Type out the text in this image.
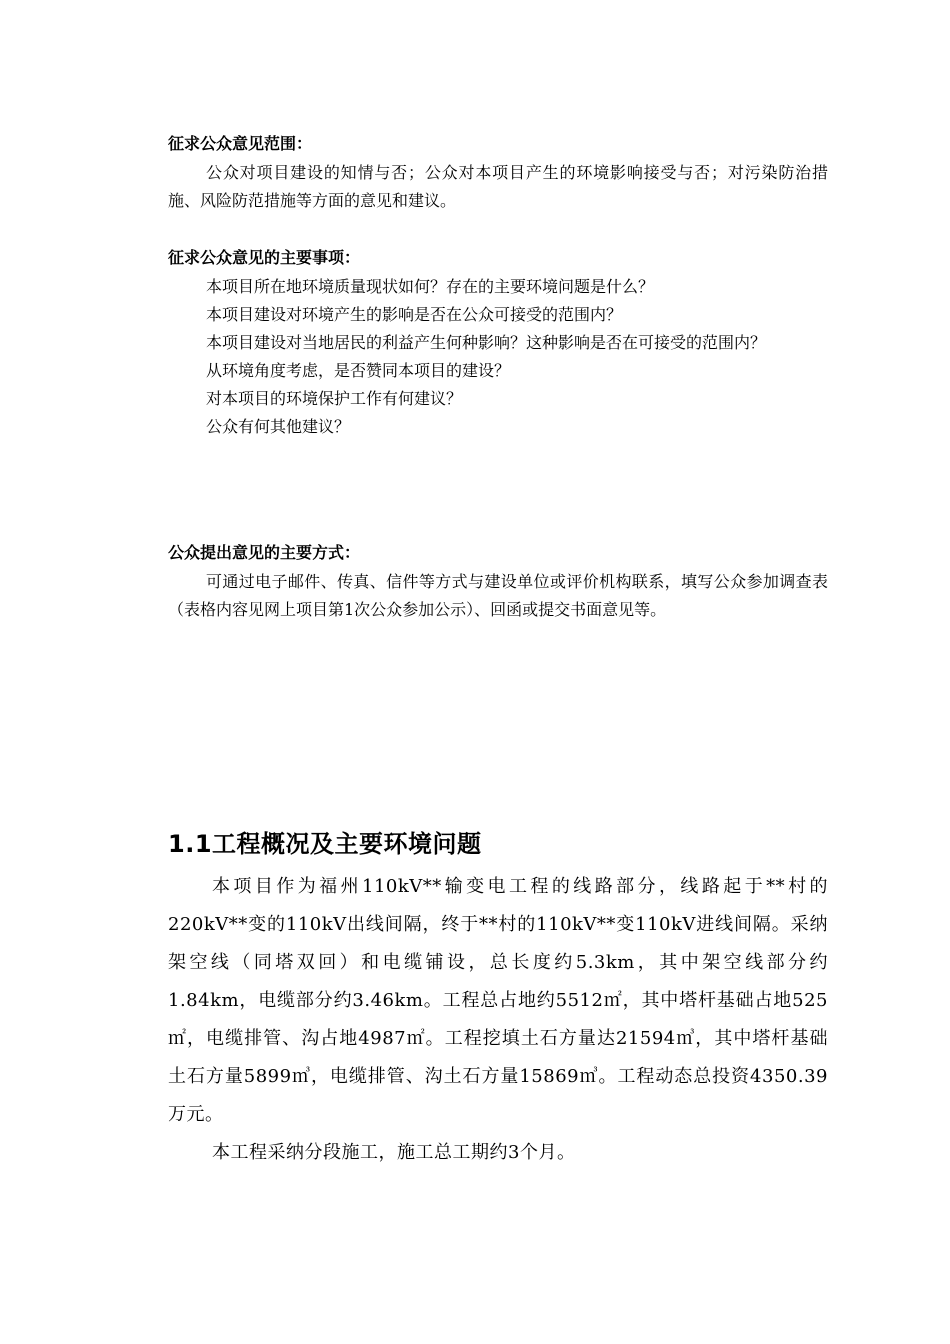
征求公众意见范围：

公众对项目建设的知情与否；公众对本项目产生的环境影响接受与否；对污染防治措施、风险防范措施等方面的意见和建议。

征求公众意见的主要事项：

本项目所在地环境质量现状如何？存在的主要环境问题是什么？

本项目建设对环境产生的影响是否在公众可接受的范围内？

本项目建设对当地居民的利益产生何种影响？这种影响是否在可接受的范围内？

从环境角度考虑，是否赞同本项目的建设？

对本项目的环境保护工作有何建议？

公众有何其他建议？

公众提出意见的主要方式：

可通过电子邮件、传真、信件等方式与建设单位或评价机构联系，填写公众参加调查表（表格内容见网上项目第1次公众参加公示）、回函或提交书面意见等。

1.1工程概况及主要环境问题

本项目作为福州110kV**输变电工程的线路部分，线路起于**村的220kV**变的110kV出线间隔，终于**村的110kV**变110kV进线间隔。采纳架空线（同塔双回）和电缆铺设，总长度约5.3km，其中架空线部分约1.84km，电缆部分约3.46km。工程总占地约5512㎡，其中塔杆基础占地525㎡，电缆排管、沟占地4987㎡。工程挖填土石方量达21594㎥，其中塔杆基础土石方量5899㎥，电缆排管、沟土石方量15869㎥。工程动态总投资4350.39万元。

本工程采纳分段施工，施工总工期约3个月。
